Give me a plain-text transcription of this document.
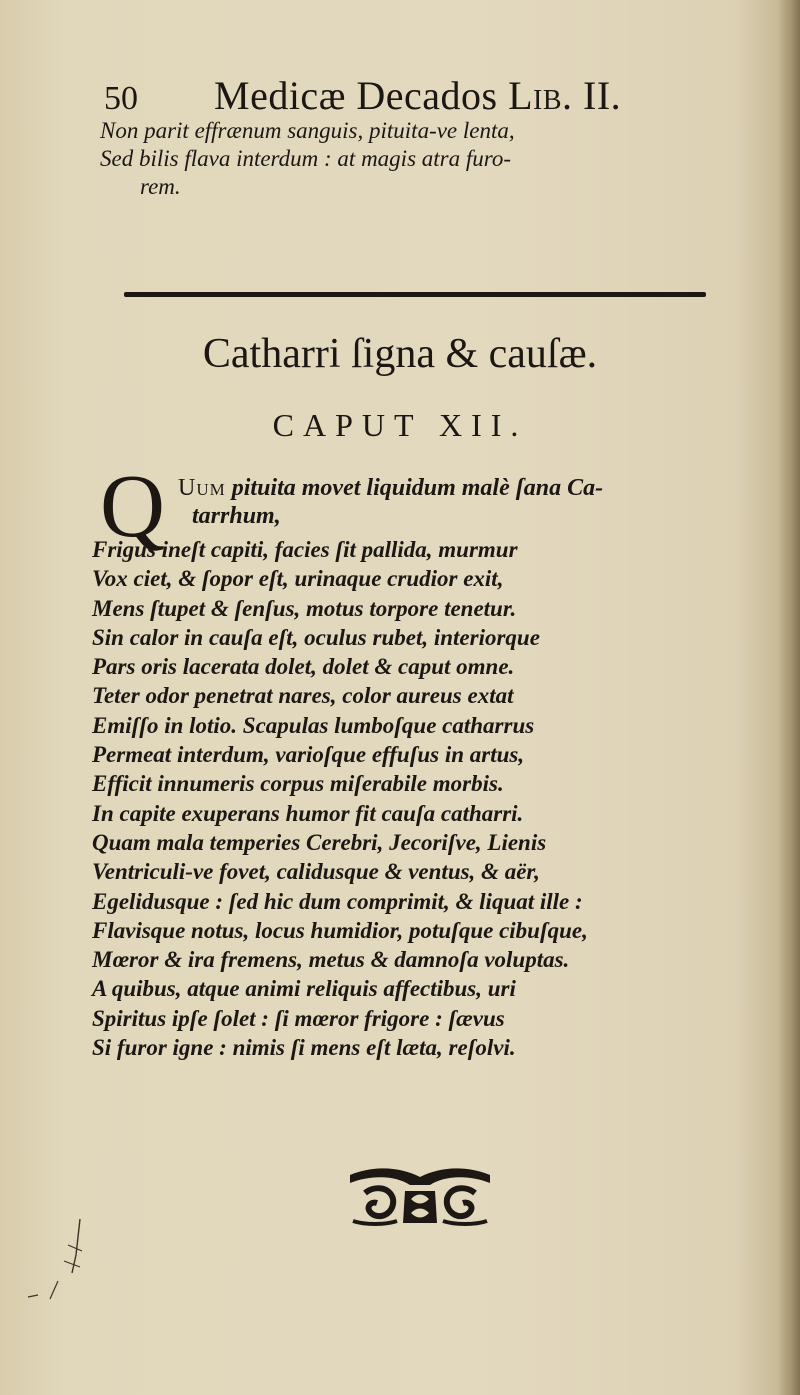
50 Medicæ Decados Lib. II.
Non parit effrænum sanguis, pituita-ve lenta,
Sed bilis flava interdum : at magis atra furo-
rem.
Catharri ſigna & cauſæ.
CAPUT XII.
Q Uum pituita movet liquidum malè ſana Ca-
tarrhum,
Frigus ineſt capiti, facies ſit pallida, murmur
Vox ciet, & ſopor eſt, urinaque crudior exit,
Mens ſtupet & ſenſus, motus torpore tenetur.
Sin calor in cauſa eſt, oculus rubet, interiorque
Pars oris lacerata dolet, dolet & caput omne.
Teter odor penetrat nares, color aureus extat
Emiſſo in lotio. Scapulas lumboſque catharrus
Permeat interdum, varioſque effuſus in artus,
Efficit innumeris corpus miſerabile morbis.
In capite exuperans humor fit cauſa catharri.
Quam mala temperies Cerebri, Jecoriſve, Lienis
Ventriculi-ve fovet, calidusque & ventus, & aër,
Egelidusque : ſed hic dum comprimit, & liquat ille :
Flavisque notus, locus humidior, potuſque cibuſque,
Mœror & ira fremens, metus & damnoſa voluptas.
A quibus, atque animi reliquis affectibus, uri
Spiritus ipſe ſolet : ſi mœror frigore : ſævus
Si furor igne : nimis ſi mens eſt læta, reſolvi.
